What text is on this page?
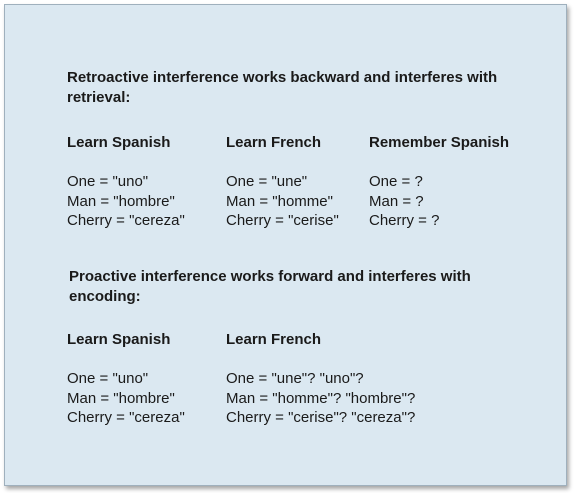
Retroactive interference works backward and interferes with retrieval:
Learn Spanish
One = "uno"
Man = "hombre"
Cherry = "cereza"
Learn French
One = "une"
Man = "homme"
Cherry = "cerise"
Remember Spanish
One = ?
Man = ?
Cherry = ?
Proactive interference works forward and interferes with encoding:
Learn Spanish
One = "uno"
Man = "hombre"
Cherry = "cereza"
Learn French
One = "une"? "uno"?
Man = "homme"? "hombre"?
Cherry = "cerise"? "cereza"?
